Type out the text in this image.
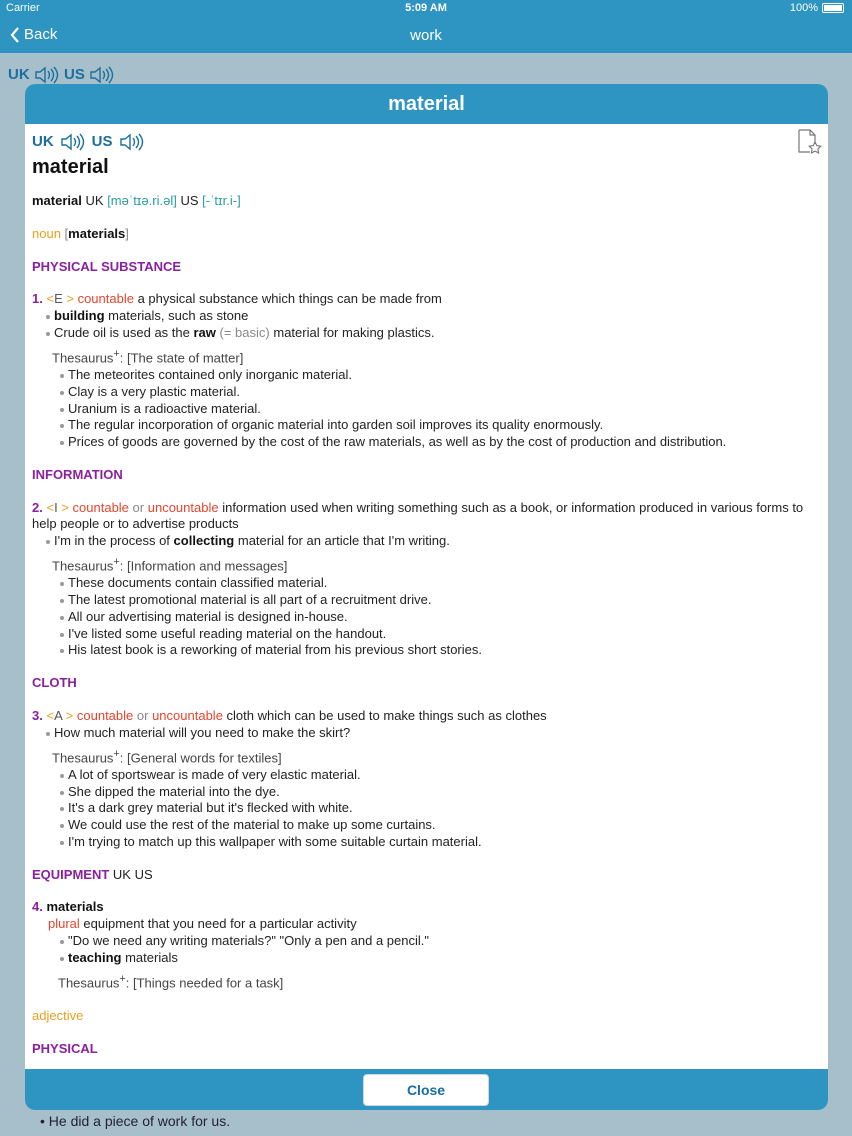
Carrier	5:09 AM	100%
Back	work
UK US
• He did a piece of work for us.
material
UK	US
material
material UK [məˈtɪə.ri.əl] US [-ˈtɪr.i-]
noun [materials]
PHYSICAL SUBSTANCE
1. <E > countable a physical substance which things can be made from
building materials, such as stone
Crude oil is used as the raw (= basic) material for making plastics.
Thesaurus+: [The state of matter]
The meteorites contained only inorganic material.
Clay is a very plastic material.
Uranium is a radioactive material.
The regular incorporation of organic material into garden soil improves its quality enormously.
Prices of goods are governed by the cost of the raw materials, as well as by the cost of production and distribution.
INFORMATION
2. <I > countable or uncountable information used when writing something such as a book, or information produced in various forms to help people or to advertise products
I'm in the process of collecting material for an article that I'm writing.
Thesaurus+: [Information and messages]
These documents contain classified material.
The latest promotional material is all part of a recruitment drive.
All our advertising material is designed in-house.
I've listed some useful reading material on the handout.
His latest book is a reworking of material from his previous short stories.
CLOTH
3. <A > countable or uncountable cloth which can be used to make things such as clothes
How much material will you need to make the skirt?
Thesaurus+: [General words for textiles]
A lot of sportswear is made of very elastic material.
She dipped the material into the dye.
It's a dark grey material but it's flecked with white.
We could use the rest of the material to make up some curtains.
I'm trying to match up this wallpaper with some suitable curtain material.
EQUIPMENT UK US
4. materials
plural equipment that you need for a particular activity
"Do we need any writing materials?" "Only a pen and a pencil."
teaching materials
Thesaurus+: [Things needed for a task]
adjective
PHYSICAL
Close
